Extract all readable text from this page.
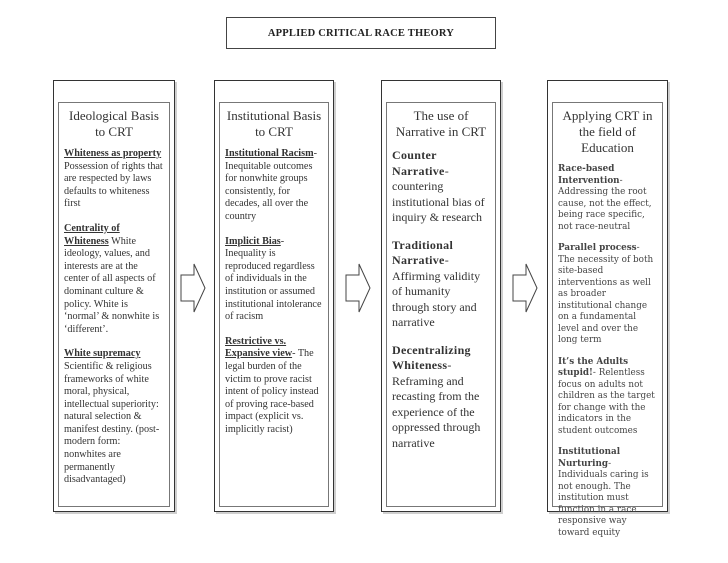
APPLIED CRITICAL RACE THEORY
Ideological Basis to CRT
Whiteness as property Possession of rights that are respected by laws defaults to whiteness first
Centrality of Whiteness White ideology, values, and interests are at the center of all aspects of dominant culture & policy. White is ‘normal’ & nonwhite is ‘different’.
White supremacy Scientific & religious frameworks of white moral, physical, intellectual superiority: natural selection & manifest destiny. (post-modern form: nonwhites are permanently disadvantaged)
Institutional Basis to CRT
Institutional Racism- Inequitable outcomes for nonwhite groups consistently, for decades, all over the country
Implicit Bias- Inequality is reproduced regardless of individuals in the institution or assumed institutional intolerance of racism
Restrictive vs. Expansive view- The legal burden of the victim to prove racist intent of policy instead of proving race-based impact (explicit vs. implicitly racist)
The use of Narrative in CRT
Counter Narrative- countering institutional bias of inquiry & research
Traditional Narrative- Affirming validity of humanity through story and narrative
Decentralizing Whiteness- Reframing and recasting from the experience of the oppressed through narrative
Applying CRT in the field of Education
Race-based Intervention- Addressing the root cause, not the effect, being race specific, not race-neutral
Parallel process- The necessity of both site-based interventions as well as broader institutional change on a fundamental level and over the long term
It’s the Adults stupid!- Relentless focus on adults not children as the target for change with the indicators in the student outcomes
Institutional Nurturing- Individuals caring is not enough. The institution must function in a race responsive way toward equity
